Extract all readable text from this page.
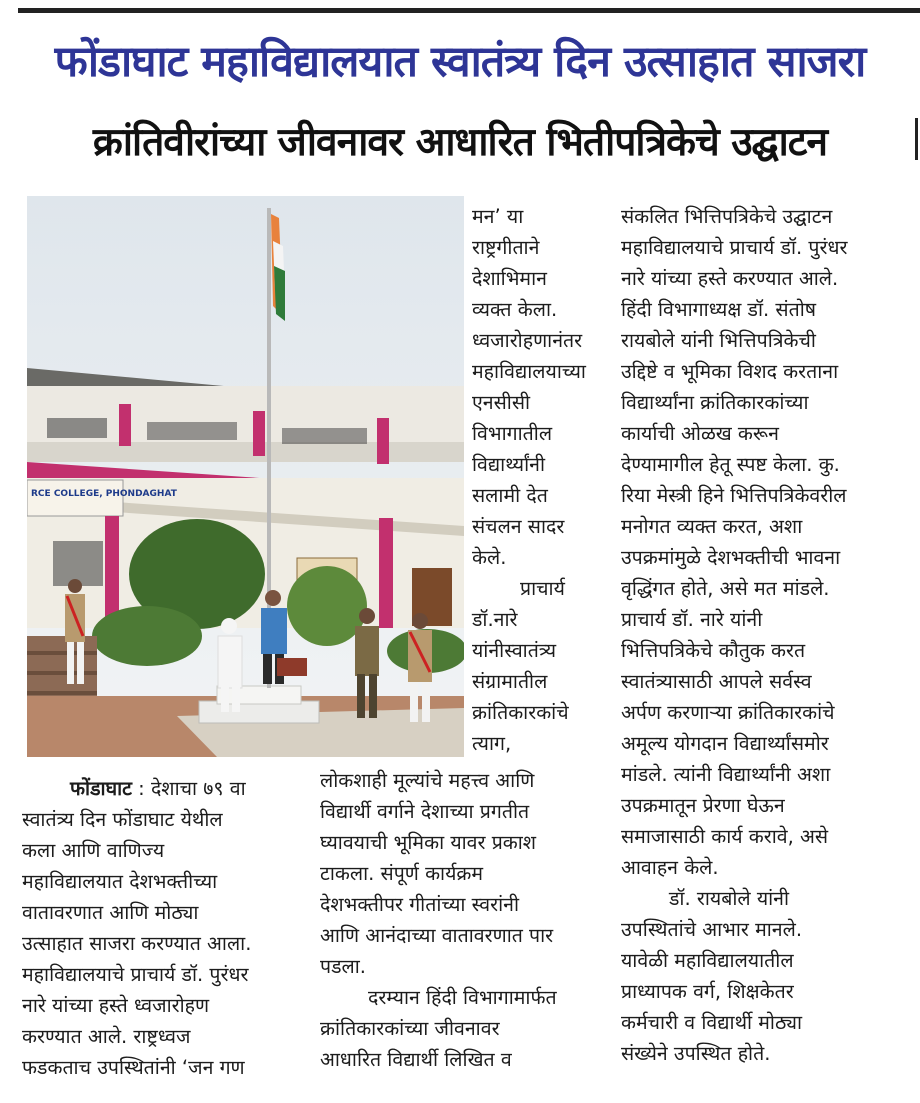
फोंडाघाट महाविद्यालयात स्वातंत्र्य दिन उत्साहात साजरा
क्रांतिवीरांच्या जीवनावर आधारित भितीपत्रिकेचे उद्घाटन
RCE COLLEGE, PHONDAGHAT

मन’ या
राष्ट्रगीताने
देशाभिमान
व्यक्त केला.
ध्वजारोहणानंतर
महाविद्यालयाच्या
एनसीसी
विभागातील
विद्यार्थ्यांनी
सलामी देत
संचलन सादर
केले.

प्राचार्य
डॉ.नारे
यांनीस्वातंत्र्य
संग्रामातील
क्रांतिकारकांचे
त्याग,

फोंडाघाट : देशाचा ७९ वा
स्वातंत्र्य दिन फोंडाघाट येथील
कला आणि वाणिज्य
महाविद्यालयात देशभक्तीच्या
वातावरणात आणि मोठ्या
उत्साहात साजरा करण्यात आला.
महाविद्यालयाचे प्राचार्य डॉ. पुरंधर
नारे यांच्या हस्ते ध्वजारोहण
करण्यात आले. राष्ट्रध्वज
फडकताच उपस्थितांनी ‘जन गण

लोकशाही मूल्यांचे महत्त्व आणि
विद्यार्थी वर्गाने देशाच्या प्रगतीत
घ्यावयाची भूमिका यावर प्रकाश
टाकला. संपूर्ण कार्यक्रम
देशभक्तीपर गीतांच्या स्वरांनी
आणि आनंदाच्या वातावरणात पार
पडला.

दरम्यान हिंदी विभागामार्फत
क्रांतिकारकांच्या जीवनावर
आधारित विद्यार्थी लिखित व

संकलित भित्तिपत्रिकेचे उद्घाटन
महाविद्यालयाचे प्राचार्य डॉ. पुरंधर
नारे यांच्या हस्ते करण्यात आले.
हिंदी विभागाध्यक्ष डॉ. संतोष
रायबोले यांनी भित्तिपत्रिकेची
उद्दिष्टे व भूमिका विशद करताना
विद्यार्थ्यांना क्रांतिकारकांच्या
कार्याची ओळख करून
देण्यामागील हेतू स्पष्ट केला. कु.
रिया मेस्त्री हिने भित्तिपत्रिकेवरील
मनोगत व्यक्त करत, अशा
उपक्रमांमुळे देशभक्तीची भावना
वृद्धिंगत होते, असे मत मांडले.
प्राचार्य डॉ. नारे यांनी
भित्तिपत्रिकेचे कौतुक करत
स्वातंत्र्यासाठी आपले सर्वस्व
अर्पण करणाऱ्या क्रांतिकारकांचे
अमूल्य योगदान विद्यार्थ्यांसमोर
मांडले. त्यांनी विद्यार्थ्यांनी अशा
उपक्रमातून प्रेरणा घेऊन
समाजासाठी कार्य करावे, असे
आवाहन केले.

डॉ. रायबोले यांनी
उपस्थितांचे आभार मानले.
यावेळी महाविद्यालयातील
प्राध्यापक वर्ग, शिक्षकेतर
कर्मचारी व विद्यार्थी मोठ्या
संख्येने उपस्थित होते.
